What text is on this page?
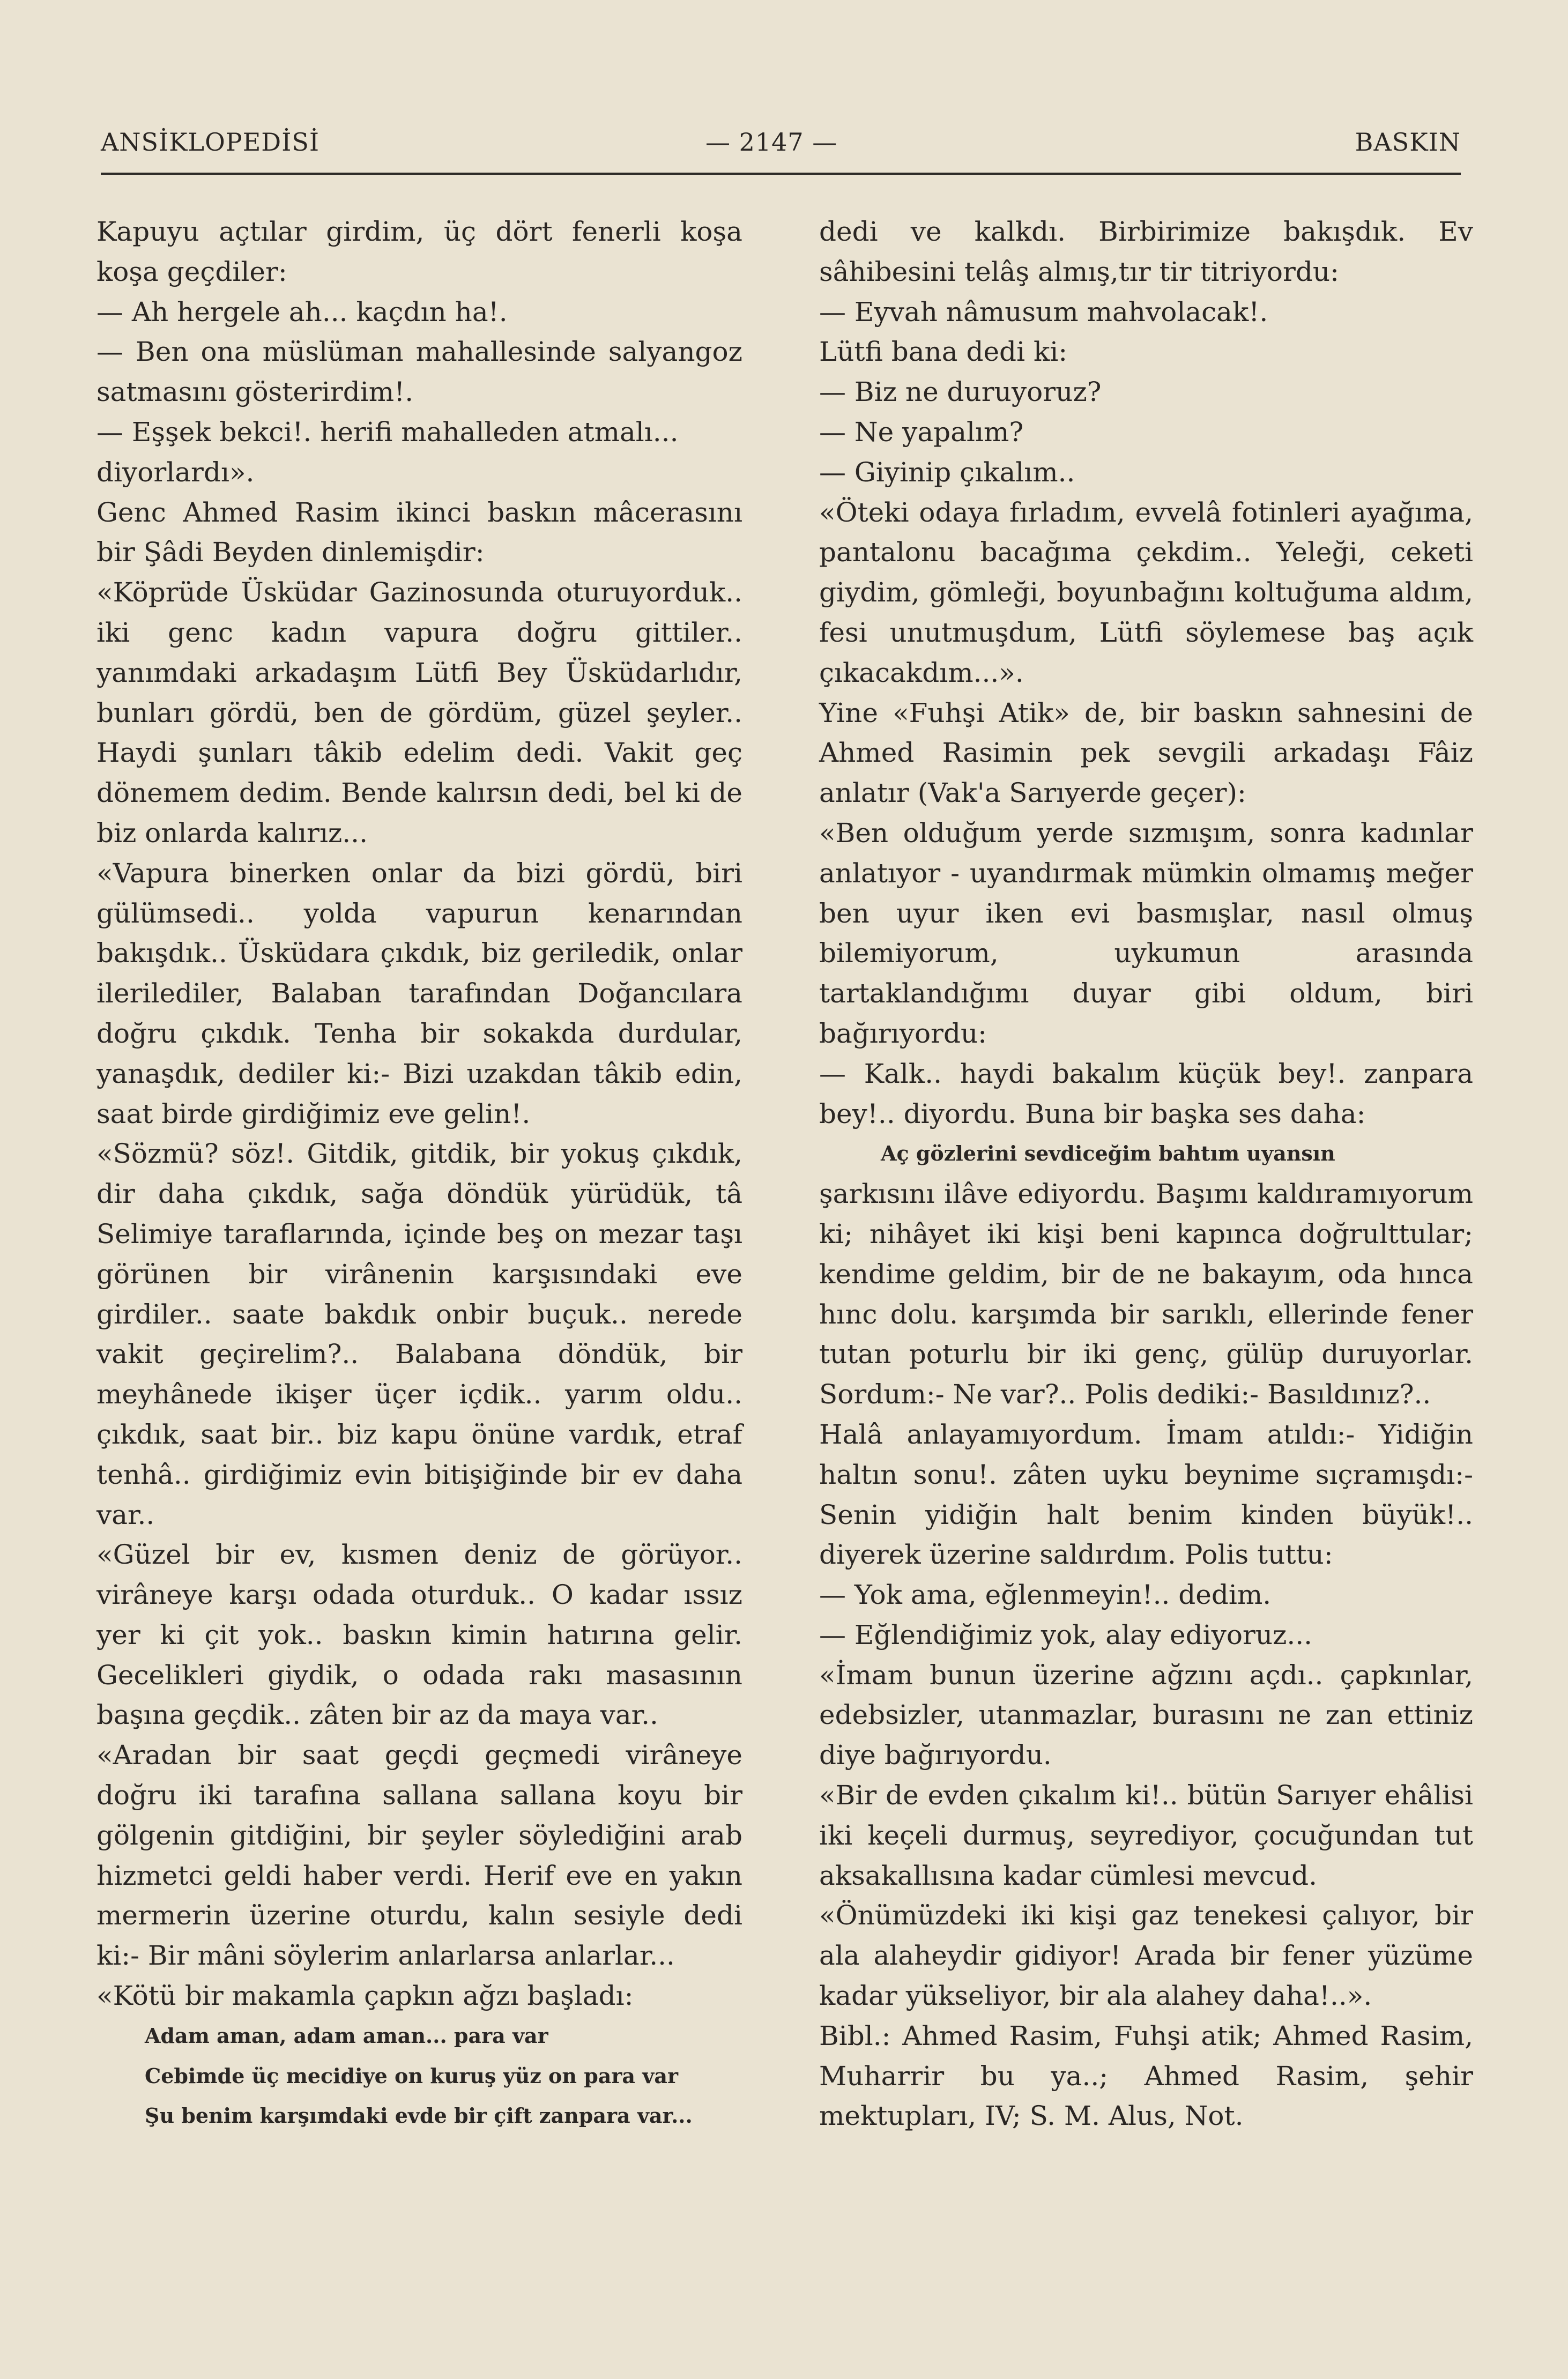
ANSİKLOPEDİSİ	— 2147 —	BASKIN

Kapuyu açtılar girdim, üç dört fenerli koşa koşa geçdiler:

— Ah hergele ah... kaçdın ha!.

— Ben ona müslüman mahallesinde salyangoz satmasını gösterirdim!.

— Eşşek bekci!. herifi mahalleden atmalı...

diyorlardı».

Genc Ahmed Rasim ikinci baskın mâcerasını bir Şâdi Beyden dinlemişdir:

«Köprüde Üsküdar Gazinosunda oturuyorduk.. iki genc kadın vapura doğru gittiler.. yanımdaki arkadaşım Lütfi Bey Üsküdarlıdır, bunları gördü, ben de gördüm, güzel şeyler.. Haydi şunları tâkib edelim dedi. Vakit geç dönemem dedim. Bende kalırsın dedi, bel ki de biz onlarda kalırız...

«Vapura binerken onlar da bizi gördü, biri gülümsedi.. yolda vapurun kenarından bakışdık.. Üsküdara çıkdık, biz geriledik, onlar ilerilediler, Balaban tarafından Doğancılara doğru çıkdık. Tenha bir sokakda durdular, yanaşdık, dediler ki:- Bizi uzakdan tâkib edin, saat birde girdiğimiz eve gelin!.

«Sözmü? söz!. Gitdik, gitdik, bir yokuş çıkdık, dir daha çıkdık, sağa döndük yürüdük, tâ Selimiye taraflarında, içinde beş on mezar taşı görünen bir virânenin karşısındaki eve girdiler.. saate bakdık onbir buçuk.. nerede vakit geçirelim?.. Balabana döndük, bir meyhânede ikişer üçer içdik.. yarım oldu.. çıkdık, saat bir.. biz kapu önüne vardık, etraf tenhâ.. girdiğimiz evin bitişiğinde bir ev daha var..

«Güzel bir ev, kısmen deniz de görüyor.. virâneye karşı odada oturduk.. O kadar ıssız yer ki çit yok.. baskın kimin hatırına gelir. Gecelikleri giydik, o odada rakı masasının başına geçdik.. zâten bir az da maya var..

«Aradan bir saat geçdi geçmedi virâneye doğru iki tarafına sallana sallana koyu bir gölgenin gitdiğini, bir şeyler söylediğini arab hizmetci geldi haber verdi. Herif eve en yakın mermerin üzerine oturdu, kalın sesiyle dedi ki:- Bir mâni söylerim anlarlarsa anlarlar...

«Kötü bir makamla çapkın ağzı başladı:

Adam aman, adam aman... para var

Cebimde üç mecidiye on kuruş yüz on para var

Şu benim karşımdaki evde bir çift zanpara var...

dedi ve kalkdı. Birbirimize bakışdık. Ev sâhibesini telâş almış,tır tir titriyordu:

— Eyvah nâmusum mahvolacak!.

Lütfi bana dedi ki:

— Biz ne duruyoruz?

— Ne yapalım?

— Giyinip çıkalım..

«Öteki odaya fırladım, evvelâ fotinleri ayağıma, pantalonu bacağıma çekdim.. Yeleği, ceketi giydim, gömleği, boyunbağını koltuğuma aldım, fesi unutmuşdum, Lütfi söylemese baş açık çıkacakdım...».

Yine «Fuhşi Atik» de, bir baskın sahnesini de Ahmed Rasimin pek sevgili arkadaşı Fâiz anlatır (Vak'a Sarıyerde geçer):

«Ben olduğum yerde sızmışım, sonra kadınlar anlatıyor - uyandırmak mümkin olmamış meğer ben uyur iken evi basmışlar, nasıl olmuş bilemiyorum, uykumun arasında tartaklandığımı duyar gibi oldum, biri bağırıyordu:

— Kalk.. haydi bakalım küçük bey!. zanpara bey!.. diyordu. Buna bir başka ses daha:

Aç gözlerini sevdiceğim bahtım uyansın

şarkısını ilâve ediyordu. Başımı kaldıramıyorum ki; nihâyet iki kişi beni kapınca doğrulttular; kendime geldim, bir de ne bakayım, oda hınca hınc dolu. karşımda bir sarıklı, ellerinde fener tutan poturlu bir iki genç, gülüp duruyorlar. Sordum:- Ne var?.. Polis dediki:- Basıldınız?..

Halâ anlayamıyordum. İmam atıldı:- Yidiğin haltın sonu!. zâten uyku beynime sıçramışdı:- Senin yidiğin halt benim kinden büyük!.. diyerek üzerine saldırdım. Polis tuttu:

— Yok ama, eğlenmeyin!.. dedim.

— Eğlendiğimiz yok, alay ediyoruz...

«İmam bunun üzerine ağzını açdı.. çapkınlar, edebsizler, utanmazlar, burasını ne zan ettiniz diye bağırıyordu.

«Bir de evden çıkalım ki!.. bütün Sarıyer ehâlisi iki keçeli durmuş, seyrediyor, çocuğundan tut aksakallısına kadar cümlesi mevcud.

«Önümüzdeki iki kişi gaz tenekesi çalıyor, bir ala alaheydir gidiyor! Arada bir fener yüzüme kadar yükseliyor, bir ala alahey daha!..».

Bibl.: Ahmed Rasim, Fuhşi atik; Ahmed Rasim, Muharrir bu ya..; Ahmed Rasim, şehir mektupları, IV; S. M. Alus, Not.
